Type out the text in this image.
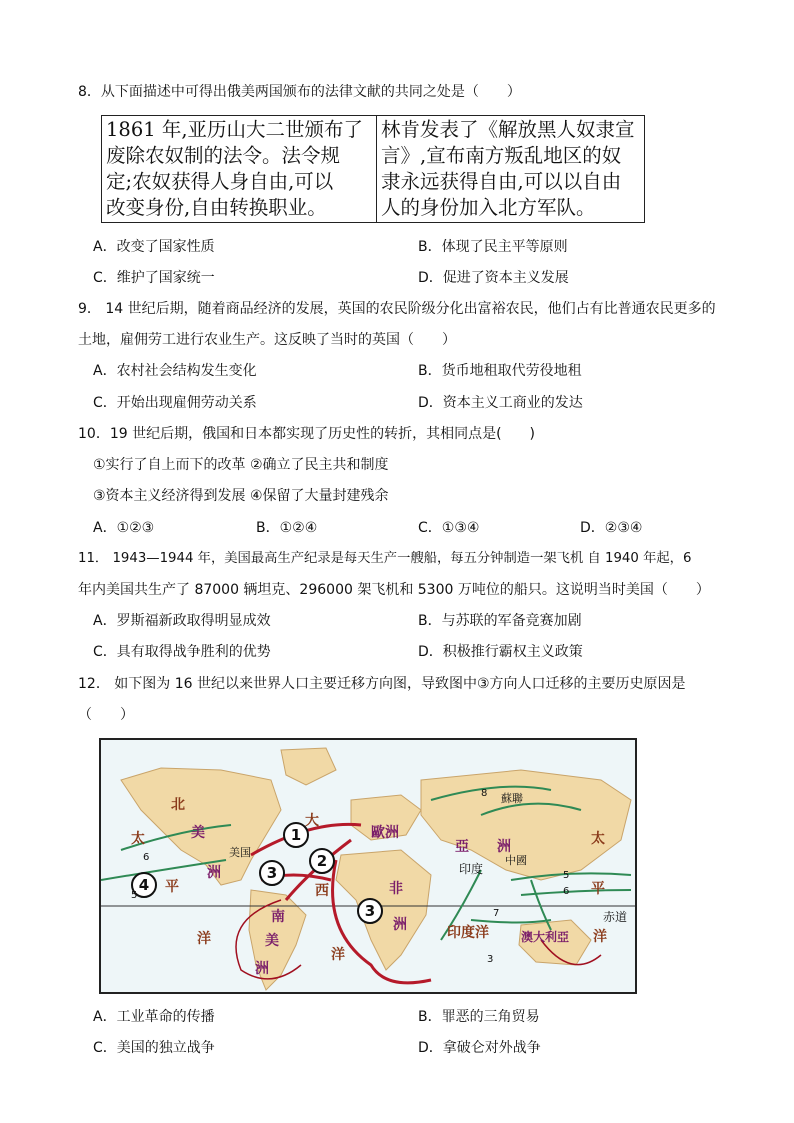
8．从下面描述中可得出俄美两国颁布的法律文献的共同之处是（　　）
1861 年,亚历山大二世颁布了
废除农奴制的法令。法令规
定;农奴获得人身自由,可以
改变身份,自由转换职业。

林肯发表了《解放黑人奴隶宣
言》,宣布南方叛乱地区的奴
隶永远获得自由,可以以自由
人的身份加入北方军队。
A．改变了国家性质	B．体现了民主平等原则
C．维护了国家统一	D．促进了资本主义发展
9． 14 世纪后期，随着商品经济的发展，英国的农民阶级分化出富裕农民，他们占有比普通农民更多的
土地，雇佣劳工进行农业生产。这反映了当时的英国（　　）
A．农村社会结构发生变化	B．货币地租取代劳役地租
C．开始出现雇佣劳动关系	D．资本主义工商业的发达
10．19 世纪后期，俄国和日本都实现了历史性的转折，其相同点是(　　)
①实行了自上而下的改革 ②确立了民主共和制度
③资本主义经济得到发展 ④保留了大量封建残余
A．①②③	B．①②④	C．①③④	D．②③④
11． 1943—1944 年，美国最高生产纪录是每天生产一艘船，每五分钟制造一架飞机 自 1940 年起，6
年内美国共生产了 87000 辆坦克、296000 架飞机和 5300 万吨位的船只。这说明当时美国（　　）
A．罗斯福新政取得明显成效	B．与苏联的军备竞赛加剧
C．具有取得战争胜利的优势	D．积极推行霸权主义政策
12． 如下图为 16 世纪以来世界人口主要迁移方向图，导致图中③方向人口迁移的主要历史原因是
（　　）
北
太
平
洋
大
西
洋
印度洋
太
平
洋
美
洲
南
美
洲
歐洲
非
洲
亞 洲
澳大利亞
蘇聯
美国
中國
印度
赤道
1
2
3
3
4
6
5
8
5
6
3
7
A．工业革命的传播	B．罪恶的三角贸易
C．美国的独立战争	D．拿破仑对外战争
